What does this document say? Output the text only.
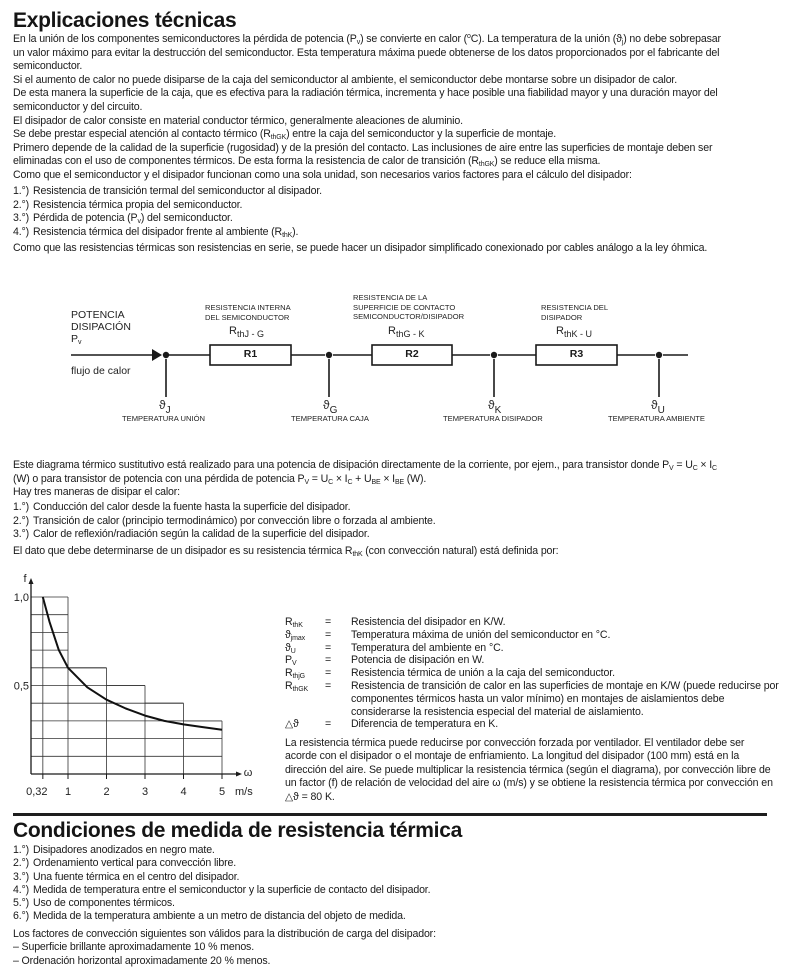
Explicaciones técnicas
En la unión de los componentes semiconductores la pérdida de potencia $(P_v)$ se convierte en calor ($^o$C). La temperatura de la unión $(ϑ_j)$ no debe sobrepasar
un valor máximo para evitar la destrucción del semiconductor. Esta temperatura máxima puede obtenerse de los datos proporcionados por el fabricante del
semiconductor.
Si el aumento de calor no puede disiparse de la caja del semiconductor al ambiente, el semiconductor debe montarse sobre un disipador de calor.
De esta manera la superficie de la caja, que es efectiva para la radiación térmica, incrementa y hace posible una fiabilidad mayor y una duración mayor del
semiconductor y del circuito.
El disipador de calor consiste en material conductor térmico, generalmente aleaciones de aluminio.
Se debe prestar especial atención al contacto térmico $(R_{thGK})$ entre la caja del semiconductor y la superficie de montaje.
Primero depende de la calidad de la superficie (rugosidad) y de la presión del contacto. Las inclusiones de aire entre las superficies de montaje deben ser
eliminadas con el uso de componentes térmicos. De esta forma la resistencia de calor de transición $(R_{thGK})$ se reduce ella misma.
Como que el semiconductor y el disipador funcionan como una sola unidad, son necesarios varios factores para el cálculo del disipador:
1.°) Resistencia de transición termal del semiconductor al disipador.
2.°) Resistencia térmica propia del semiconductor.
3.°) Pérdida de potencia $(P_v)$ del semiconductor.
4.°) Resistencia térmica del disipador frente al ambiente $(R_{thK})$.
Como que las resistencias térmicas son resistencias en serie, se puede hacer un disipador simplificado conexionado por cables análogo a la ley óhmica.
POTENCIA
DISIPACIÓN
$P_v$
flujo de calor
RESISTENCIA INTERNA
DEL SEMICONDUCTOR
$R_{thJ - G}$
R1
RESISTENCIA DE LA
SUPERFICIE DE CONTACTO
SEMICONDUCTOR/DISIPADOR
$R_{thG - K}$
R2
RESISTENCIA DEL
DISIPADOR
$R_{thK - U}$
R3
$ϑ_J$
TEMPERATURA UNIÓN
$ϑ_G$
TEMPERATURA CAJA
$ϑ_K$
TEMPERATURA DISIPADOR
$ϑ_U$
TEMPERATURA AMBIENTE
Este diagrama térmico sustitutivo está realizado para una potencia de disipación directamente de la corriente, por ejem., para transistor donde $P_V = U_C \times I_C$
(W) o para transistor de potencia con una pérdida de potencia $P_V = U_C \times I_C + U_{BE} \times I_{BE}$ (W).
Hay tres maneras de disipar el calor:
1.°) Conducción del calor desde la fuente hasta la superficie del disipador.
2.°) Transición de calor (principio termodinámico) por convección libre o forzada al ambiente.
3.°) Calor de reflexión/radiación según la calidad de la superficie del disipador.
El dato que debe determinarse de un disipador es su resistencia térmica $R_{thK}$ (con convección natural) está definida por:
f
1,0
0,5
0,32 1	2	3	4	5
ω
m/s
$R_{thK}$	=	Resistencia del disipador en K/W.
$ϑ_{jmax}$	=	Temperatura máxima de unión del semiconductor en °C.
$ϑ_U$	=	Temperatura del ambiente en °C.
$P_V$	=	Potencia de disipación en W.
$R_{thjG}$	=	Resistencia térmica de unión a la caja del semiconductor.
$R_{thGK}$	=	Resistencia de transición de calor en las superficies de montaje en K/W (puede reducirse por componentes térmicos hasta un valor mínimo) en montajes de aislamientos debe considerarse la resistencia especial del material de aislamiento.
△ϑ	=	Diferencia de temperatura en K.
La resistencia térmica puede reducirse por convección forzada por ventilador. El ventilador debe ser acorde con el disipador o el montaje de enfriamiento. La longitud del disipador (100 mm) está en la dirección del aire. Se puede multiplicar la resistencia térmica (según el diagrama), por convección libre de un factor (f) de relación de velocidad del aire ω (m/s) y se obtiene la resistencia térmica por convección en △ϑ = 80 K.
Condiciones de medida de resistencia térmica
1.°) Disipadores anodizados en negro mate.
2.°) Ordenamiento vertical para convección libre.
3.°) Una fuente térmica en el centro del disipador.
4.°) Medida de temperatura entre el semiconductor y la superficie de contacto del disipador.
5.°) Uso de componentes térmicos.
6.°) Medida de la temperatura ambiente a un metro de distancia del objeto de medida.
Los factores de convección siguientes son válidos para la distribución de carga del disipador:
– Superficie brillante aproximadamente 10 % menos.
– Ordenación horizontal aproximadamente 20 % menos.
